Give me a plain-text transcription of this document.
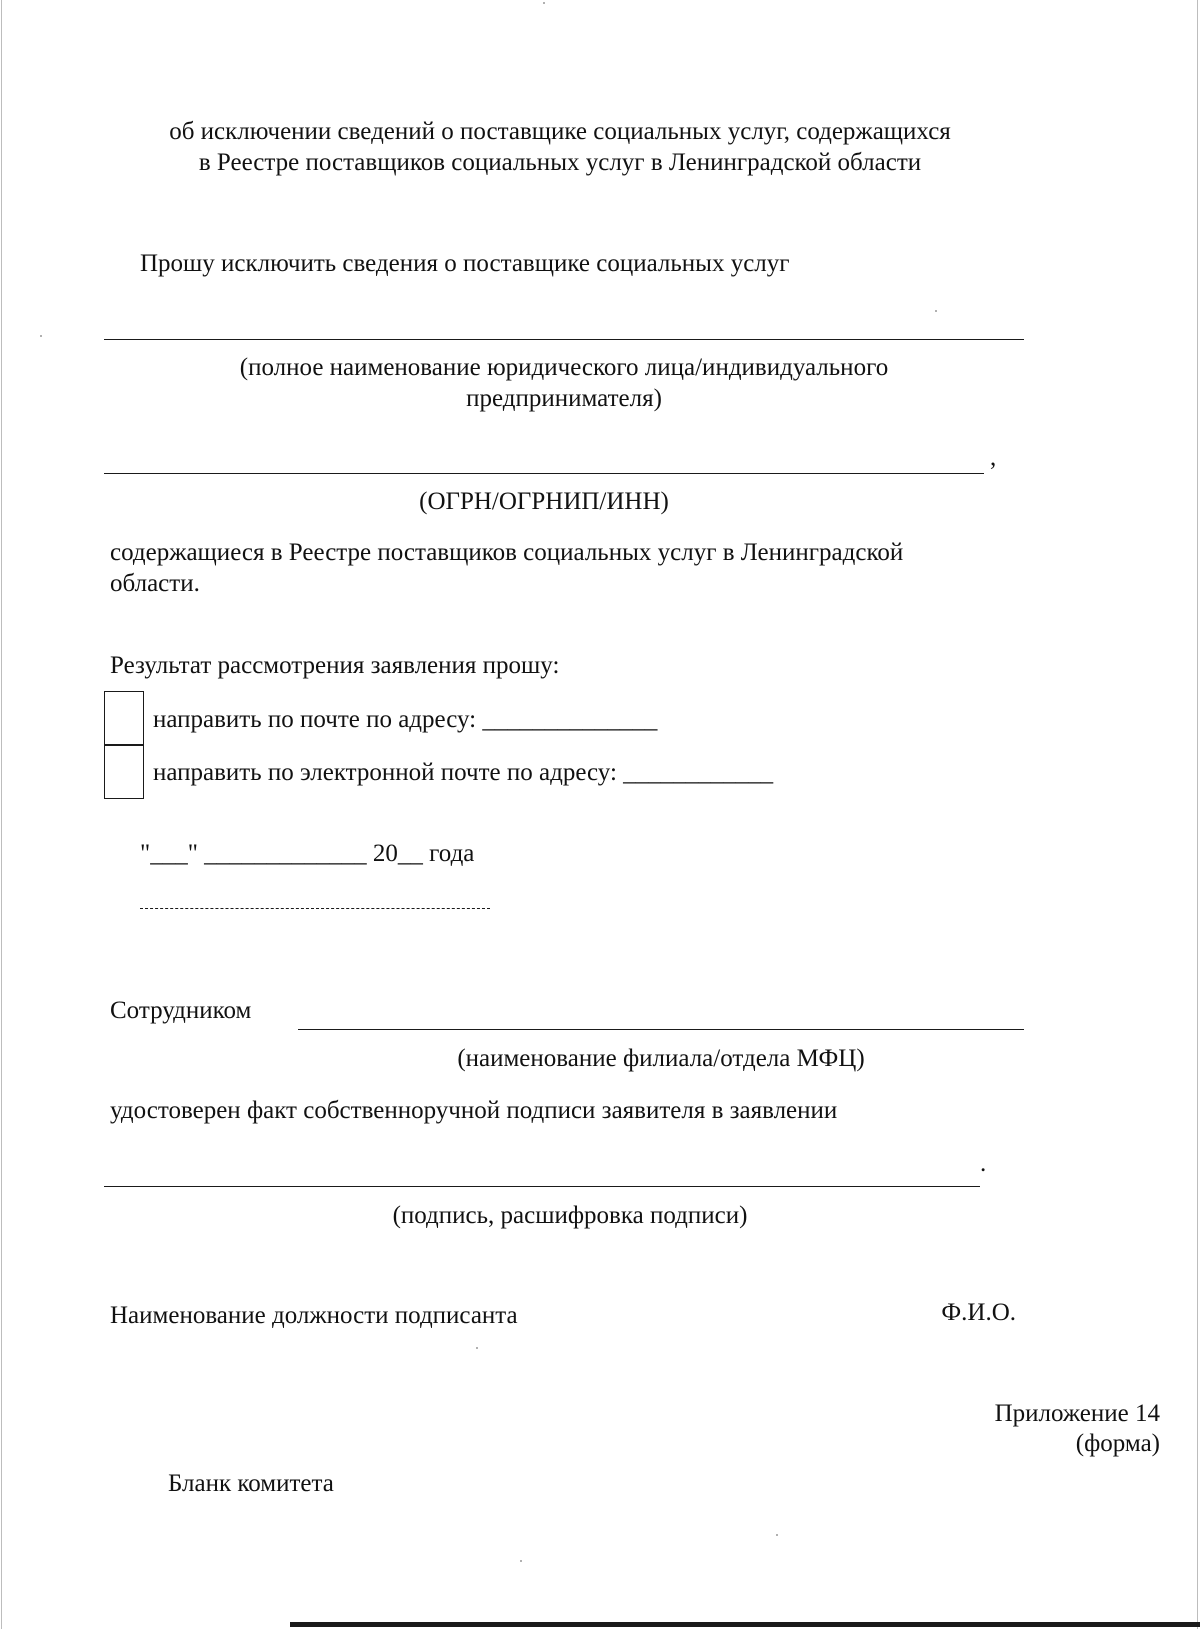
об исключении сведений о поставщике социальных услуг, содержащихся
в Реестре поставщиков социальных услуг в Ленинградской области
Прошу исключить сведения о поставщике социальных услуг
(полное наименование юридического лица/индивидуального
предпринимателя)
,
(ОГРН/ОГРНИП/ИНН)
содержащиеся в Реестре поставщиков социальных услуг в Ленинградской
области.
Результат рассмотрения заявления прошу:
направить по почте по адресу: ______________
направить по электронной почте по адресу: ____________
"___" _____________ 20__ года
Сотрудником
(наименование филиала/отдела МФЦ)
удостоверен факт собственноручной подписи заявителя в заявлении
.
(подпись, расшифровка подписи)
Наименование должности подписанта	Ф.И.О.
Приложение 14
(форма)
Бланк комитета
